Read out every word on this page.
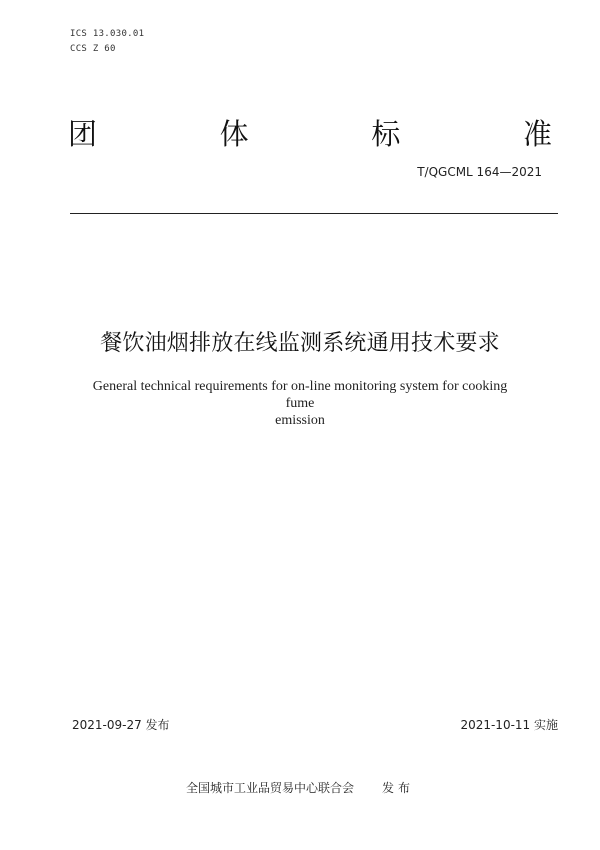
ICS 13.030.01
CCS Z 60
团	体	标	准
T/QGCML 164—2021
餐饮油烟排放在线监测系统通用技术要求
General technical requirements for on-line monitoring system for cooking fume
emission
2021-09-27 发布	2021-10-11 实施
全国城市工业品贸易中心联合会 发布
